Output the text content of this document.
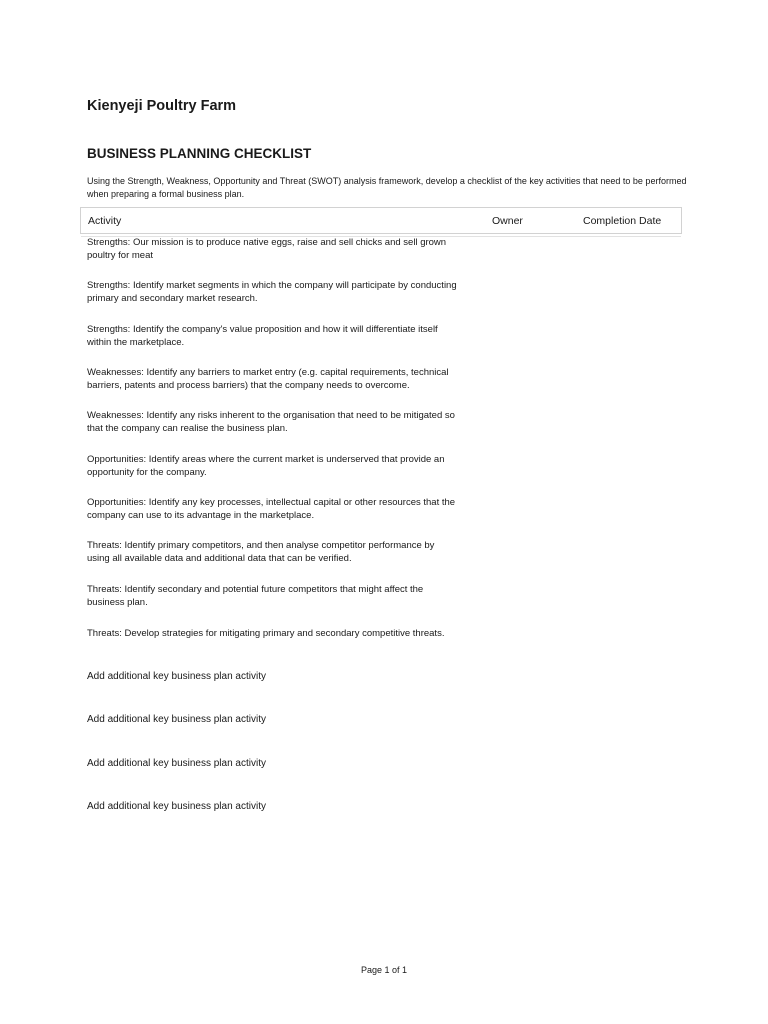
Kienyeji Poultry Farm
BUSINESS PLANNING CHECKLIST

Using the Strength, Weakness, Opportunity and Threat (SWOT) analysis framework, develop a checklist of the key activities that need to be performed when preparing a formal business plan.

Activity	Owner	Completion Date
Strengths: Our mission is to produce native eggs, raise and sell chicks and sell grown poultry for meat
Strengths: Identify market segments in which the company will participate by conducting primary and secondary market research.
Strengths: Identify the company's value proposition and how it will differentiate itself within the marketplace.
Weaknesses: Identify any barriers to market entry (e.g. capital requirements, technical barriers, patents and process barriers) that the company needs to overcome.
Weaknesses: Identify any risks inherent to the organisation that need to be mitigated so that the company can realise the business plan.
Opportunities: Identify areas where the current market is underserved that provide an opportunity for the company.
Opportunities: Identify any key processes, intellectual capital or other resources that the company can use to its advantage in the marketplace.
Threats: Identify primary competitors, and then analyse competitor performance by using all available data and additional data that can be verified.
Threats: Identify secondary and potential future competitors that might affect the business plan.
Threats: Develop strategies for mitigating primary and secondary competitive threats.
Add additional key business plan activity
Add additional key business plan activity
Add additional key business plan activity
Add additional key business plan activity
Page 1 of 1
